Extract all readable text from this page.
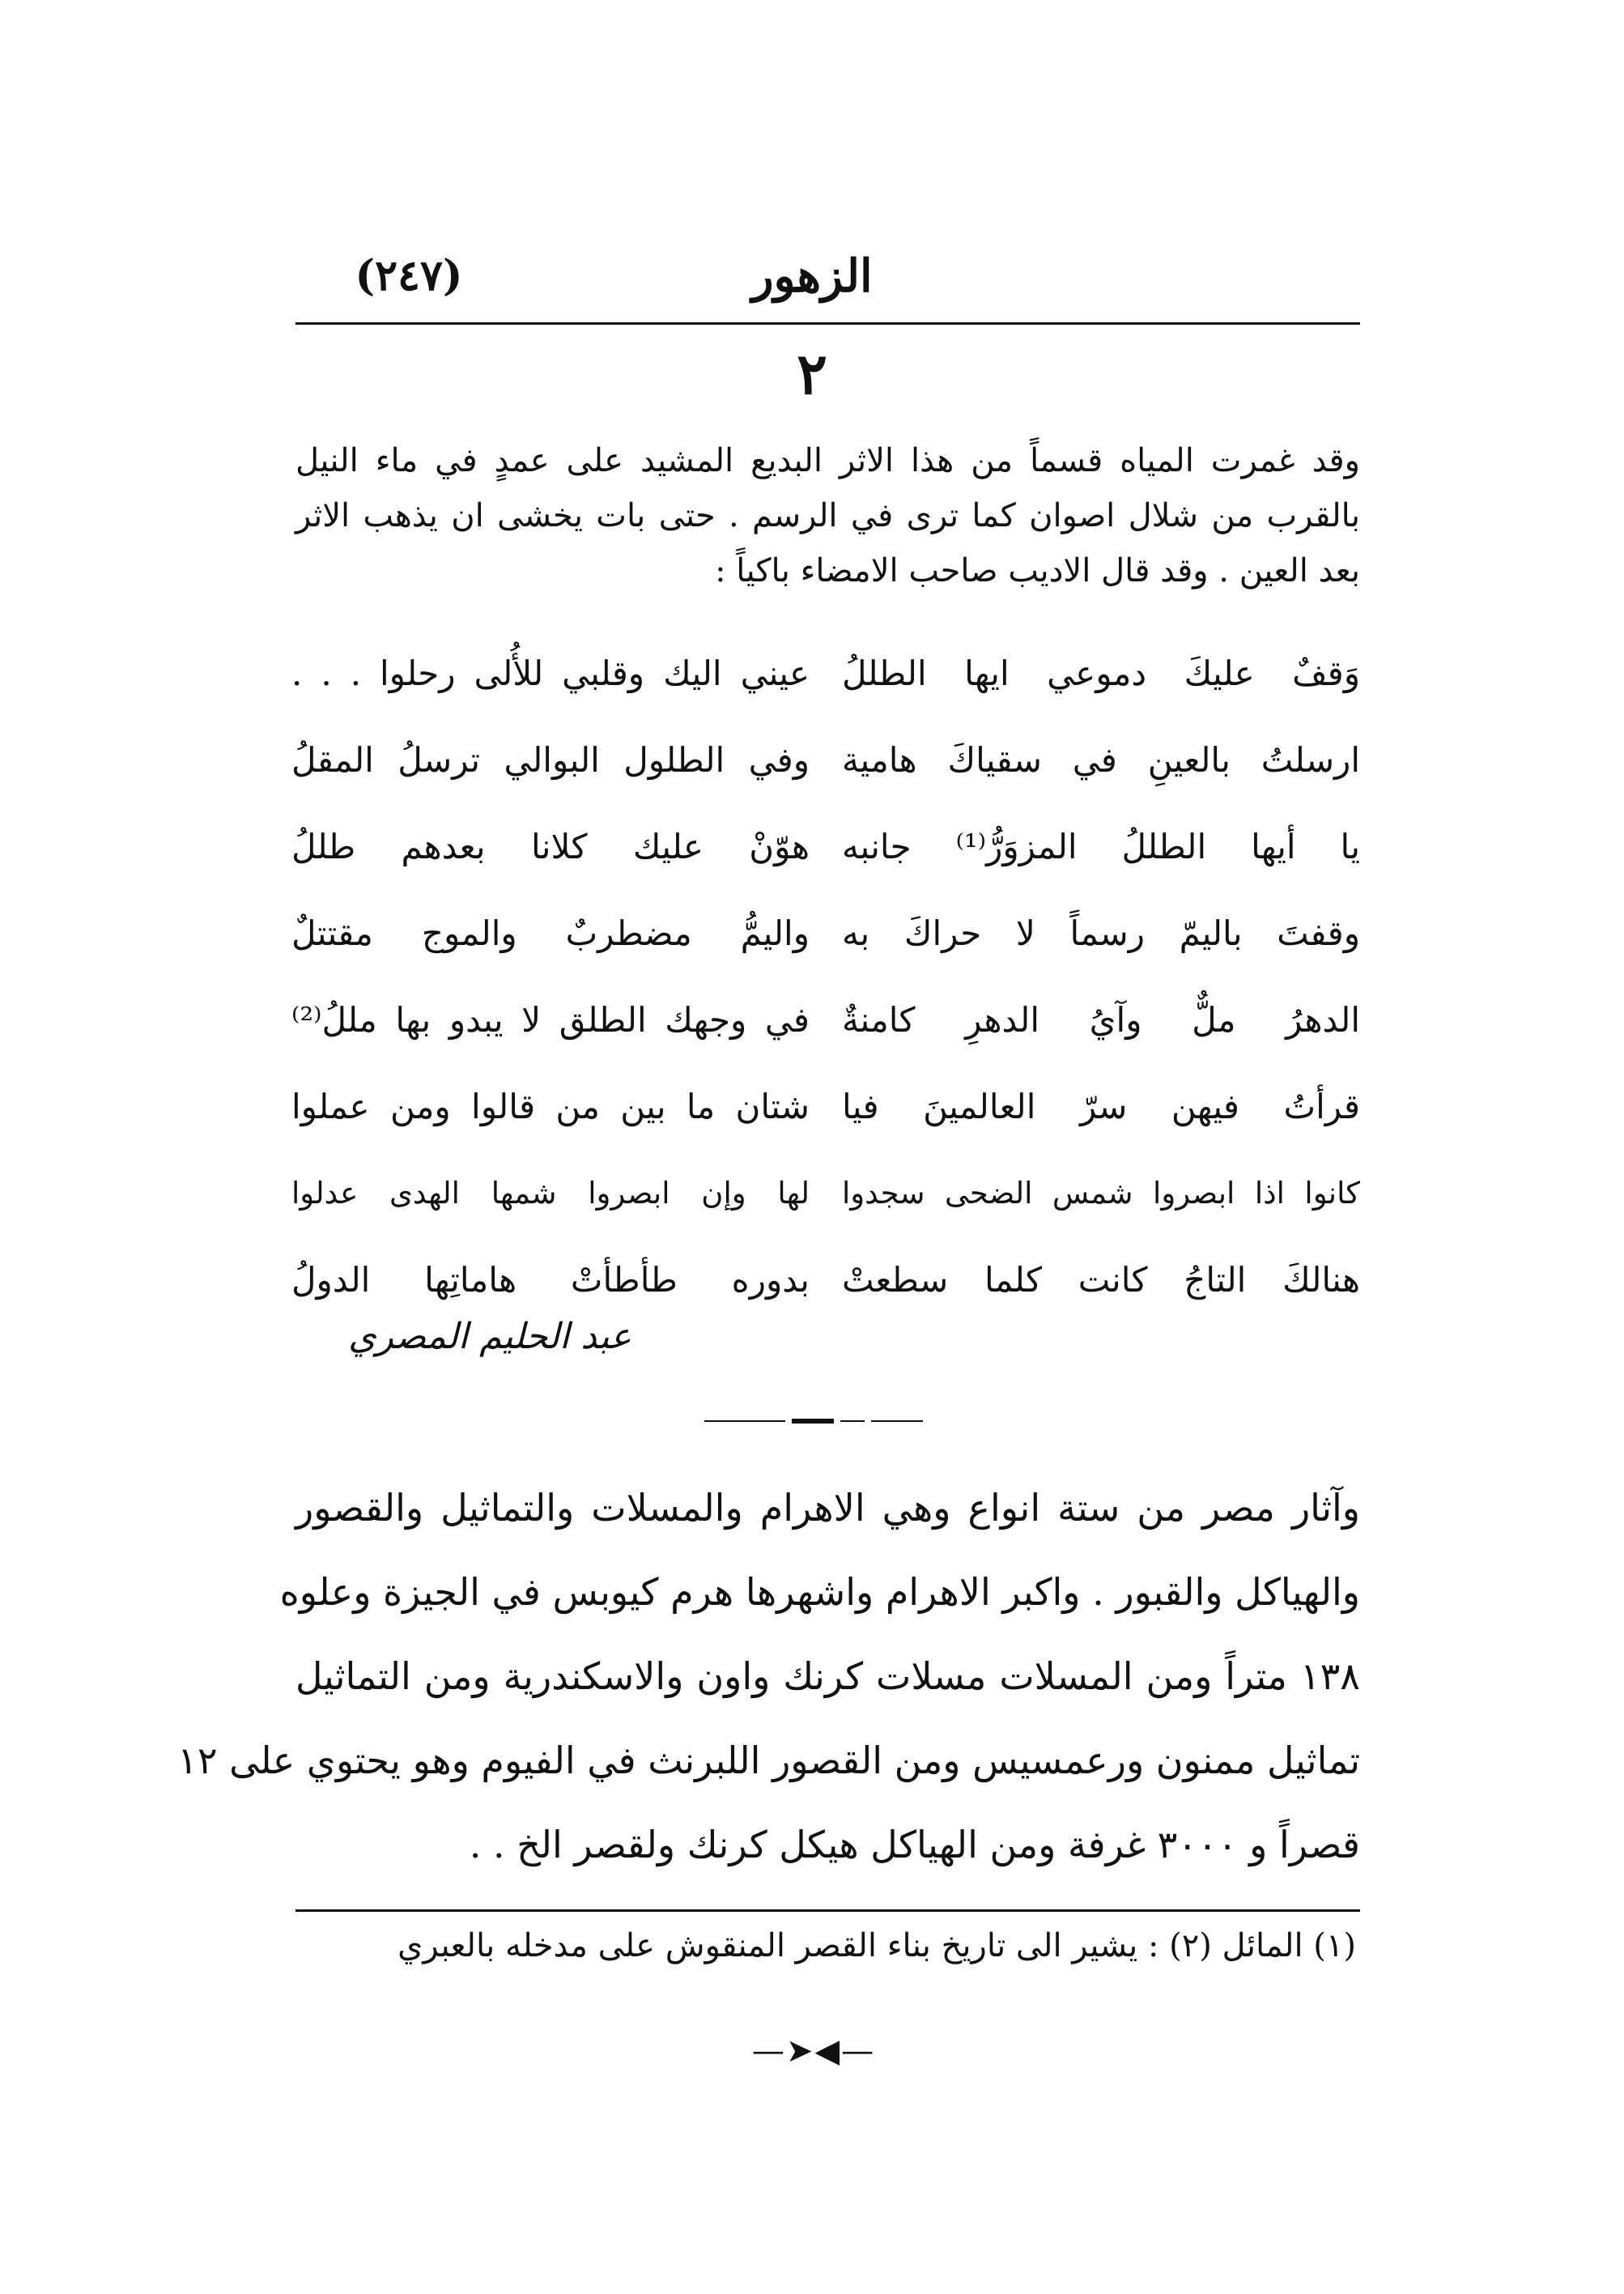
الزهور
(٢٤٧)
٢
وقد غمرت المياه قسماً من هذا الاثر البديع المشيد على عمدٍ في ماء النيل
بالقرب من شلال اصوان كما ترى في الرسم . حتى بات يخشى ان يذهب الاثر
بعد العين . وقد قال الاديب صاحب الامضاء باكياً :
وَقفٌ عليكَ دموعي ايها الطللُ
عيني اليك وقلبي للأُلى رحلوا . . .
ارسلتُ بالعينِ في سقياكَ هامية
وفي الطلول البوالي ترسلُ المقلُ
يا أيها الطللُ المزوَرُّ⁽¹⁾ جانبه
هوّنْ عليك كلانا بعدهم طللُ
وقفتَ باليمّ رسماً لا حراكَ به
واليمُّ مضطربٌ والموج مقتتلٌ
الدهرُ ملٌّ وآيُ الدهرِ كامنةٌ
في وجهك الطلق لا يبدو بها مللُ⁽²⁾
قرأتُ فيهن سرّ العالمينَ فيا
شتان ما بين من قالوا ومن عملوا
كانوا اذا ابصروا شمس الضحى سجدوا
لها وإن ابصروا شمها الهدى عدلوا
هنالكَ التاجُ كانت كلما سطعتْ
بدوره طأطأتْ هاماتِها الدولُ
عبد الحليم المصري
وآثار مصر من ستة انواع وهي الاهرام والمسلات والتماثيل والقصور
والهياكل والقبور . واكبر الاهرام واشهرها هرم كيوبس في الجيزة وعلوه
١٣٨ متراً ومن المسلات مسلات كرنك واون والاسكندرية ومن التماثيل
تماثيل ممنون ورعمسيس ومن القصور اللبرنث في الفيوم وهو يحتوي على ١٢
قصراً و ٣٠٠٠ غرفة ومن الهياكل هيكل كرنك ولقصر الخ . .
(١) المائل (٢) : يشير الى تاريخ بناء القصر المنقوش على مدخله بالعبري
—➤◀—
